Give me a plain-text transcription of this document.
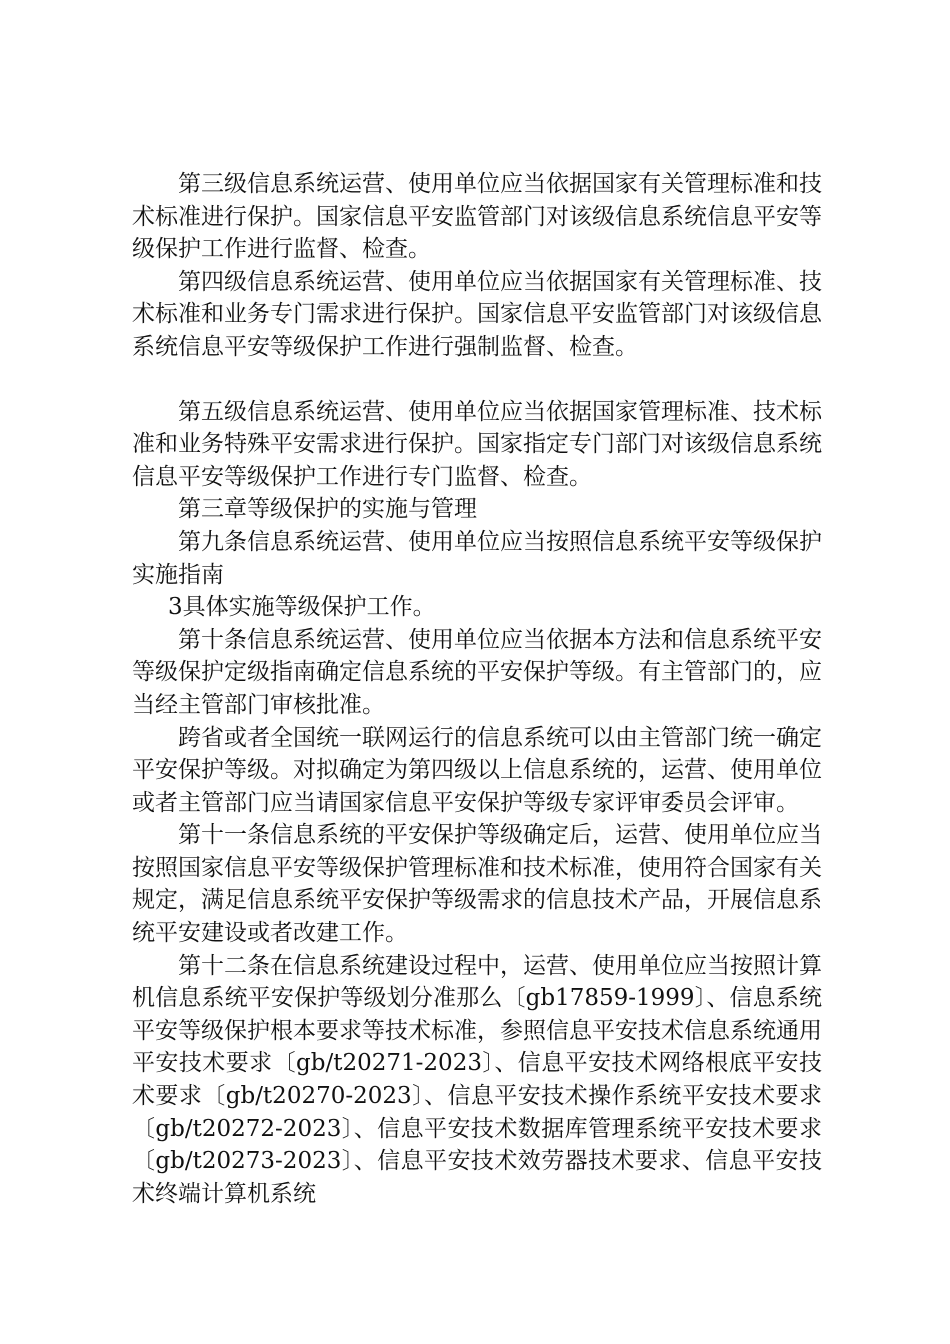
第三级信息系统运营、使用单位应当依据国家有关管理标准和技术标准进行保护。国家信息平安监管部门对该级信息系统信息平安等级保护工作进行监督、检查。

第四级信息系统运营、使用单位应当依据国家有关管理标准、技术标准和业务专门需求进行保护。国家信息平安监管部门对该级信息系统信息平安等级保护工作进行强制监督、检查。

第五级信息系统运营、使用单位应当依据国家管理标准、技术标准和业务特殊平安需求进行保护。国家指定专门部门对该级信息系统信息平安等级保护工作进行专门监督、检查。

第三章等级保护的实施与管理

第九条信息系统运营、使用单位应当按照信息系统平安等级保护实施指南

3具体实施等级保护工作。

第十条信息系统运营、使用单位应当依据本方法和信息系统平安等级保护定级指南确定信息系统的平安保护等级。有主管部门的，应当经主管部门审核批准。

跨省或者全国统一联网运行的信息系统可以由主管部门统一确定平安保护等级。对拟确定为第四级以上信息系统的，运营、使用单位或者主管部门应当请国家信息平安保护等级专家评审委员会评审。

第十一条信息系统的平安保护等级确定后，运营、使用单位应当按照国家信息平安等级保护管理标准和技术标准，使用符合国家有关规定，满足信息系统平安保护等级需求的信息技术产品，开展信息系统平安建设或者改建工作。

第十二条在信息系统建设过程中，运营、使用单位应当按照计算机信息系统平安保护等级划分准那么〔gb17859-1999〕、信息系统平安等级保护根本要求等技术标准，参照信息平安技术信息系统通用平安技术要求〔gb/t20271-2023〕、信息平安技术网络根底平安技术要求〔gb/t20270-2023〕、信息平安技术操作系统平安技术要求〔gb/t20272-2023〕、信息平安技术数据库管理系统平安技术要求〔gb/t20273-2023〕、信息平安技术效劳器技术要求、信息平安技术终端计算机系统
